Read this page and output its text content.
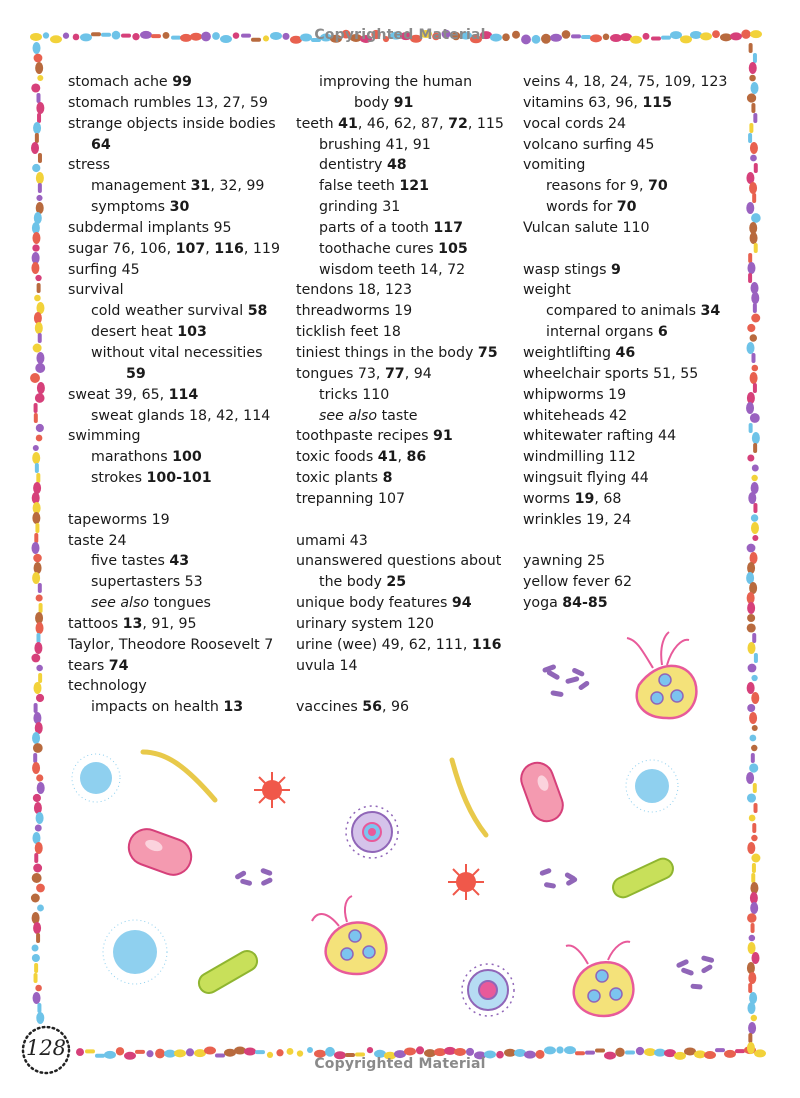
Copyrighted Material
Copyrighted Material
stomach ache 99
stomach rumbles 13, 27, 59
strange objects inside bodies
64
stress
management 31, 32, 99
symptoms 30
subdermal implants 95
sugar 76, 106, 107, 116, 119
surfing 45
survival
cold weather survival 58
desert heat 103
without vital necessities
59
sweat 39, 65, 114
sweat glands 18, 42, 114
swimming
marathons 100
strokes 100-101
tapeworms 19
taste 24
five tastes 43
supertasters 53
see also tongues
tattoos 13, 91, 95
Taylor, Theodore Roosevelt 7
tears 74
technology
impacts on health 13
improving the human
body 91
teeth 41, 46, 62, 87, 72, 115
brushing 41, 91
dentistry 48
false teeth 121
grinding 31
parts of a tooth 117
toothache cures 105
wisdom teeth 14, 72
tendons 18, 123
threadworms 19
ticklish feet 18
tiniest things in the body 75
tongues 73, 77, 94
tricks 110
see also taste
toothpaste recipes 91
toxic foods 41, 86
toxic plants 8
trepanning 107
umami 43
unanswered questions about
the body 25
unique body features 94
urinary system 120
urine (wee) 49, 62, 111, 116
uvula 14
vaccines 56, 96
veins 4, 18, 24, 75, 109, 123
vitamins 63, 96, 115
vocal cords 24
volcano surfing 45
vomiting
reasons for 9, 70
words for 70
Vulcan salute 110
wasp stings 9
weight
compared to animals 34
internal organs 6
weightlifting 46
wheelchair sports 51, 55
whipworms 19
whiteheads 42
whitewater rafting 44
windmilling 112
wingsuit flying 44
worms 19, 68
wrinkles 19, 24
yawning 25
yellow fever 62
yoga 84-85
128
